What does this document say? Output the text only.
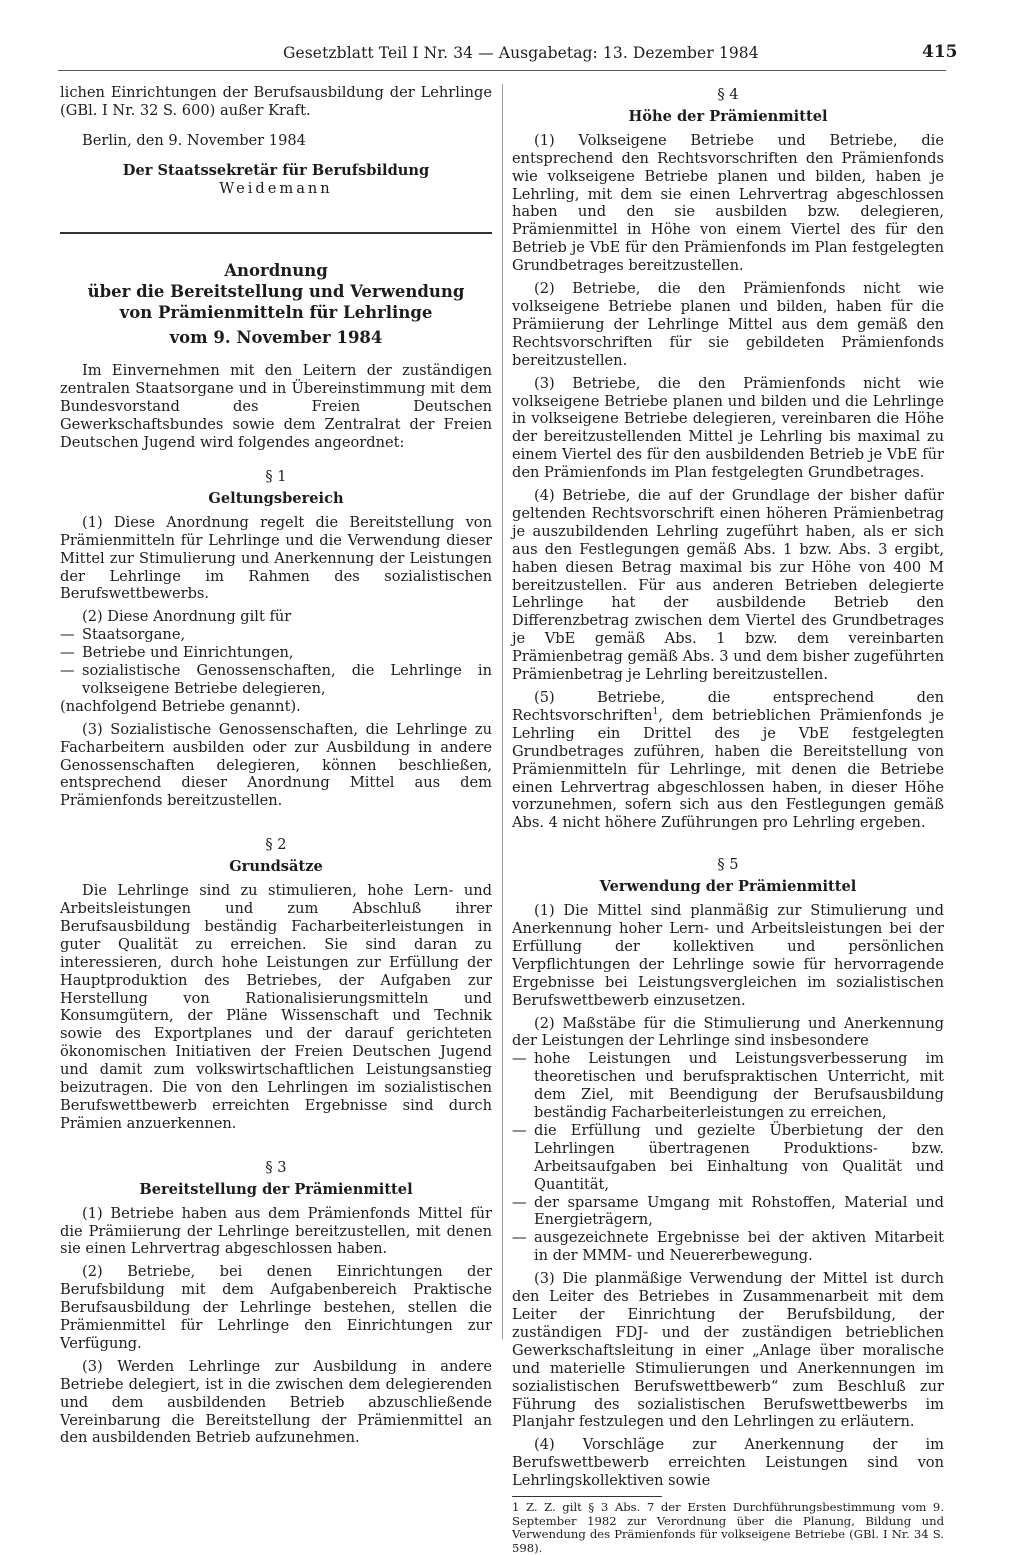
Gesetzblatt Teil I Nr. 34 — Ausgabetag: 13. Dezember 1984	415

lichen Einrichtungen der Berufsausbildung der Lehrlinge (GBl. I Nr. 32 S. 600) außer Kraft.

Berlin, den 9. November 1984

Der Staatssekretär für Berufsbildung

Weidemann

Anordnung
über die Bereitstellung und Verwendung
von Prämienmitteln für Lehrlinge
vom 9. November 1984

Im Einvernehmen mit den Leitern der zuständigen zentralen Staatsorgane und in Übereinstimmung mit dem Bundesvorstand des Freien Deutschen Gewerkschaftsbundes sowie dem Zentralrat der Freien Deutschen Jugend wird folgendes angeordnet:

§ 1
Geltungsbereich

(1) Diese Anordnung regelt die Bereitstellung von Prämienmitteln für Lehrlinge und die Verwendung dieser Mittel zur Stimulierung und Anerkennung der Leistungen der Lehrlinge im Rahmen des sozialistischen Berufswettbewerbs.

(2) Diese Anordnung gilt für

— Staatsorgane,
— Betriebe und Einrichtungen,
— sozialistische Genossenschaften, die Lehrlinge in volkseigene Betriebe delegieren,

(nachfolgend Betriebe genannt).

(3) Sozialistische Genossenschaften, die Lehrlinge zu Facharbeitern ausbilden oder zur Ausbildung in andere Genossenschaften delegieren, können beschließen, entsprechend dieser Anordnung Mittel aus dem Prämienfonds bereitzustellen.

§ 2
Grundsätze

Die Lehrlinge sind zu stimulieren, hohe Lern- und Arbeitsleistungen und zum Abschluß ihrer Berufsausbildung beständig Facharbeiterleistungen in guter Qualität zu erreichen. Sie sind daran zu interessieren, durch hohe Leistungen zur Erfüllung der Hauptproduktion des Betriebes, der Aufgaben zur Herstellung von Rationalisierungsmitteln und Konsumgütern, der Pläne Wissenschaft und Technik sowie des Exportplanes und der darauf gerichteten ökonomischen Initiativen der Freien Deutschen Jugend und damit zum volkswirtschaftlichen Leistungsanstieg beizutragen. Die von den Lehrlingen im sozialistischen Berufswettbewerb erreichten Ergebnisse sind durch Prämien anzuerkennen.

§ 3
Bereitstellung der Prämienmittel

(1) Betriebe haben aus dem Prämienfonds Mittel für die Prämiierung der Lehrlinge bereitzustellen, mit denen sie einen Lehrvertrag abgeschlossen haben.

(2) Betriebe, bei denen Einrichtungen der Berufsbildung mit dem Aufgabenbereich Praktische Berufsausbildung der Lehrlinge bestehen, stellen die Prämienmittel für Lehrlinge den Einrichtungen zur Verfügung.

(3) Werden Lehrlinge zur Ausbildung in andere Betriebe delegiert, ist in die zwischen dem delegierenden und dem ausbildenden Betrieb abzuschließende Vereinbarung die Bereitstellung der Prämienmittel an den ausbildenden Betrieb aufzunehmen.

§ 4
Höhe der Prämienmittel

(1) Volkseigene Betriebe und Betriebe, die entsprechend den Rechtsvorschriften den Prämienfonds wie volkseigene Betriebe planen und bilden, haben je Lehrling, mit dem sie einen Lehrvertrag abgeschlossen haben und den sie ausbilden bzw. delegieren, Prämienmittel in Höhe von einem Viertel des für den Betrieb je VbE für den Prämienfonds im Plan festgelegten Grundbetrages bereitzustellen.

(2) Betriebe, die den Prämienfonds nicht wie volkseigene Betriebe planen und bilden, haben für die Prämiierung der Lehrlinge Mittel aus dem gemäß den Rechtsvorschriften für sie gebildeten Prämienfonds bereitzustellen.

(3) Betriebe, die den Prämienfonds nicht wie volkseigene Betriebe planen und bilden und die Lehrlinge in volkseigene Betriebe delegieren, vereinbaren die Höhe der bereitzustellenden Mittel je Lehrling bis maximal zu einem Viertel des für den ausbildenden Betrieb je VbE für den Prämienfonds im Plan festgelegten Grundbetrages.

(4) Betriebe, die auf der Grundlage der bisher dafür geltenden Rechtsvorschrift einen höheren Prämienbetrag je auszubildenden Lehrling zugeführt haben, als er sich aus den Festlegungen gemäß Abs. 1 bzw. Abs. 3 ergibt, haben diesen Betrag maximal bis zur Höhe von 400 M bereitzustellen. Für aus anderen Betrieben delegierte Lehrlinge hat der ausbildende Betrieb den Differenzbetrag zwischen dem Viertel des Grundbetrages je VbE gemäß Abs. 1 bzw. dem vereinbarten Prämienbetrag gemäß Abs. 3 und dem bisher zugeführten Prämienbetrag je Lehrling bereitzustellen.

(5) Betriebe, die entsprechend den Rechtsvorschriften$^1$, dem betrieblichen Prämienfonds je Lehrling ein Drittel des je VbE festgelegten Grundbetrages zuführen, haben die Bereitstellung von Prämienmitteln für Lehrlinge, mit denen die Betriebe einen Lehrvertrag abgeschlossen haben, in dieser Höhe vorzunehmen, sofern sich aus den Festlegungen gemäß Abs. 4 nicht höhere Zuführungen pro Lehrling ergeben.

§ 5
Verwendung der Prämienmittel

(1) Die Mittel sind planmäßig zur Stimulierung und Anerkennung hoher Lern- und Arbeitsleistungen bei der Erfüllung der kollektiven und persönlichen Verpflichtungen der Lehrlinge sowie für hervorragende Ergebnisse bei Leistungsvergleichen im sozialistischen Berufswettbewerb einzusetzen.

(2) Maßstäbe für die Stimulierung und Anerkennung der Leistungen der Lehrlinge sind insbesondere

— hohe Leistungen und Leistungsverbesserung im theoretischen und berufspraktischen Unterricht, mit dem Ziel, mit Beendigung der Berufsausbildung beständig Facharbeiterleistungen zu erreichen,
— die Erfüllung und gezielte Überbietung der den Lehrlingen übertragenen Produktions- bzw. Arbeitsaufgaben bei Einhaltung von Qualität und Quantität,
— der sparsame Umgang mit Rohstoffen, Material und Energieträgern,
— ausgezeichnete Ergebnisse bei der aktiven Mitarbeit in der MMM- und Neuererbewegung.

(3) Die planmäßige Verwendung der Mittel ist durch den Leiter des Betriebes in Zusammenarbeit mit dem Leiter der Einrichtung der Berufsbildung, der zuständigen FDJ- und der zuständigen betrieblichen Gewerkschaftsleitung in einer „Anlage über moralische und materielle Stimulierungen und Anerkennungen im sozialistischen Berufswettbewerb“ zum Beschluß zur Führung des sozialistischen Berufswettbewerbs im Planjahr festzulegen und den Lehrlingen zu erläutern.

(4) Vorschläge zur Anerkennung der im Berufswettbewerb erreichten Leistungen sind von Lehrlingskollektiven sowie

1 Z. Z. gilt § 3 Abs. 7 der Ersten Durchführungsbestimmung vom 9. September 1982 zur Verordnung über die Planung, Bildung und Verwendung des Prämienfonds für volkseigene Betriebe (GBl. I Nr. 34 S. 598).
